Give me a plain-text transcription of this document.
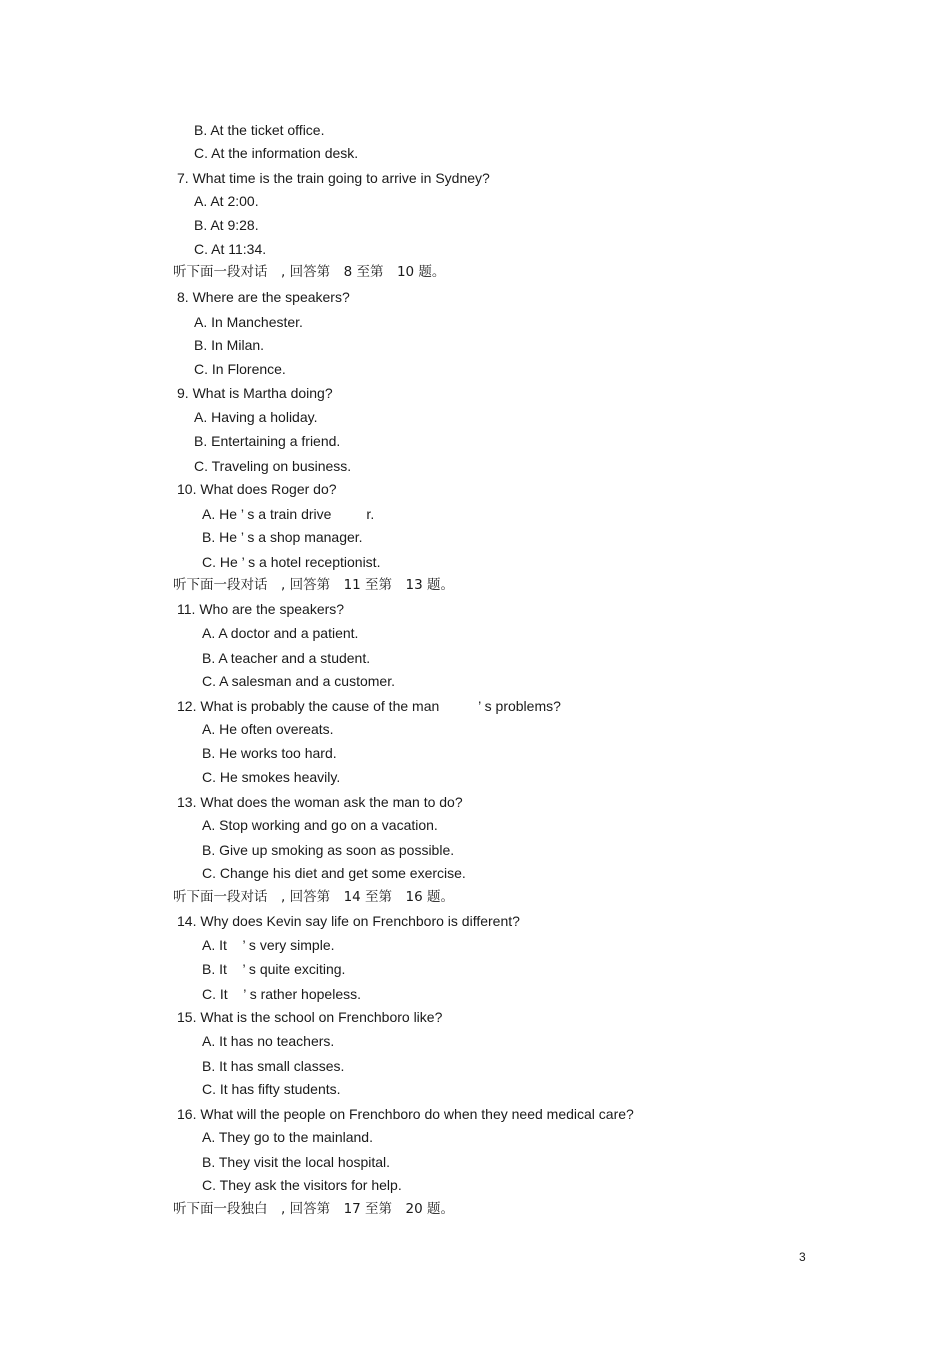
B. At the ticket office.
C. At the information desk.
7. What time is the train going to arrive in Sydney?
A. At 2:00.
B. At 9:28.
C. At 11:34.
听下面一段对话　, 回答第　8 至第　10 题。
8. Where are the speakers?
A. In Manchester.
B. In Milan.
C. In Florence.
9. What is Martha doing?
A. Having a holiday.
B. Entertaining a friend.
C. Traveling on business.
10. What does Roger do?
A. He ’ s a train drive         r.
B. He ’ s a shop manager.
C. He ’ s a hotel receptionist.
听下面一段对话　, 回答第　11 至第　13 题。
11. Who are the speakers?
A. A doctor and a patient.
B. A teacher and a student.
C. A salesman and a customer.
12. What is probably the cause of the man          ’ s problems?
A. He often overeats.
B. He works too hard.
C. He smokes heavily.
13. What does the woman ask the man to do?
A. Stop working and go on a vacation.
B. Give up smoking as soon as possible.
C. Change his diet and get some exercise.
听下面一段对话　, 回答第　14 至第　16 题。
14. Why does Kevin say life on Frenchboro is different?
A. It    ’ s very simple.
B. It    ’ s quite exciting.
C. It    ’ s rather hopeless.
15. What is the school on Frenchboro like?
A. It has no teachers.
B. It has small classes.
C. It has fifty students.
16. What will the people on Frenchboro do when they need medical care?
A. They go to the mainland.
B. They visit the local hospital.
C. They ask the visitors for help.
听下面一段独白　, 回答第　17 至第　20 题。
3
